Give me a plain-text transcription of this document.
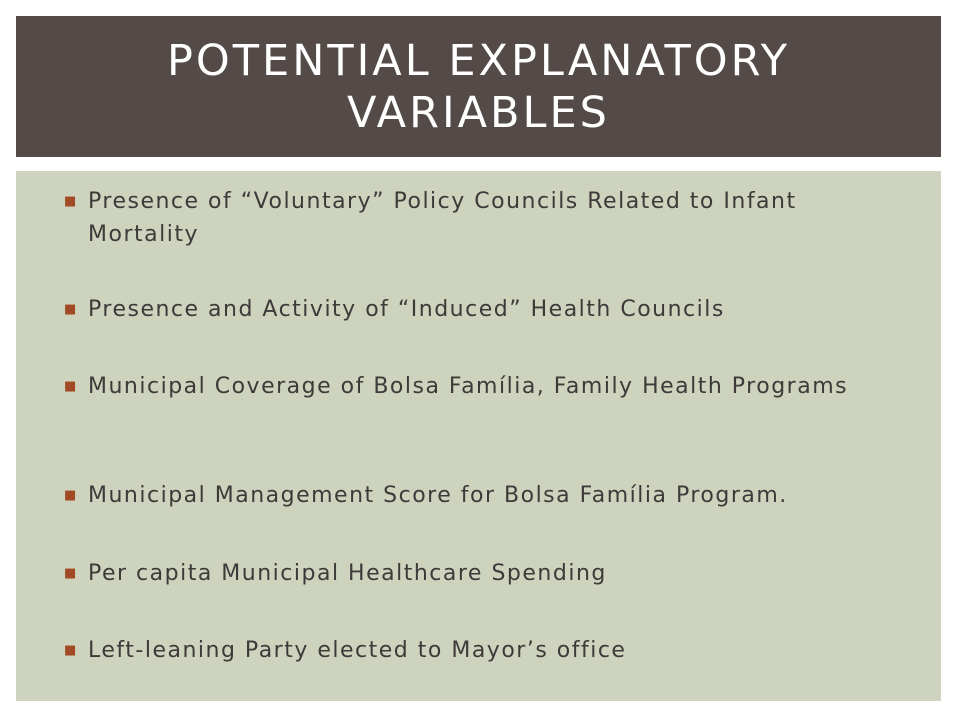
POTENTIAL EXPLANATORY VARIABLES
■ Presence of “Voluntary” Policy Councils Related to Infant Mortality
■ Presence and Activity of “Induced” Health Councils
■ Municipal Coverage of Bolsa Família, Family Health Programs
■ Municipal Management Score for Bolsa Família Program.
■ Per capita Municipal Healthcare Spending
■ Left-leaning Party elected to Mayor’s office
